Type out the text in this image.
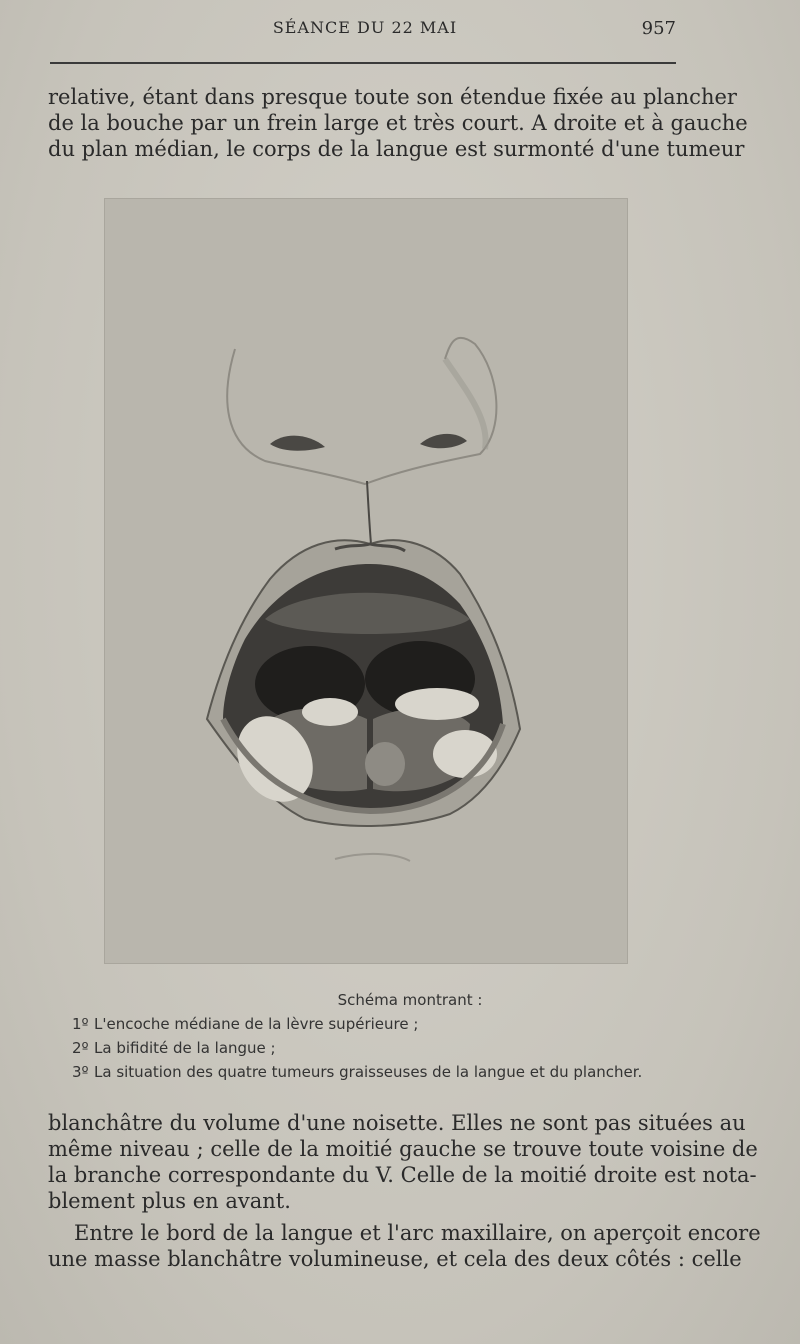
SÉANCE DU 22 MAI	957
relative, étant dans presque toute son étendue fixée au plancher
de la bouche par un frein large et très court. A droite et à gauche
du plan médian, le corps de la langue est surmonté d'une tumeur
Schéma montrant :
1º L'encoche médiane de la lèvre supérieure ;
2º La bifidité de la langue ;
3º La situation des quatre tumeurs graisseuses de la langue et du plancher.
blanchâtre du volume d'une noisette. Elles ne sont pas situées au
même niveau ; celle de la moitié gauche se trouve toute voisine de
la branche correspondante du V. Celle de la moitié droite est nota-
blement plus en avant.
Entre le bord de la langue et l'arc maxillaire, on aperçoit encore
une masse blanchâtre volumineuse, et cela des deux côtés : celle
